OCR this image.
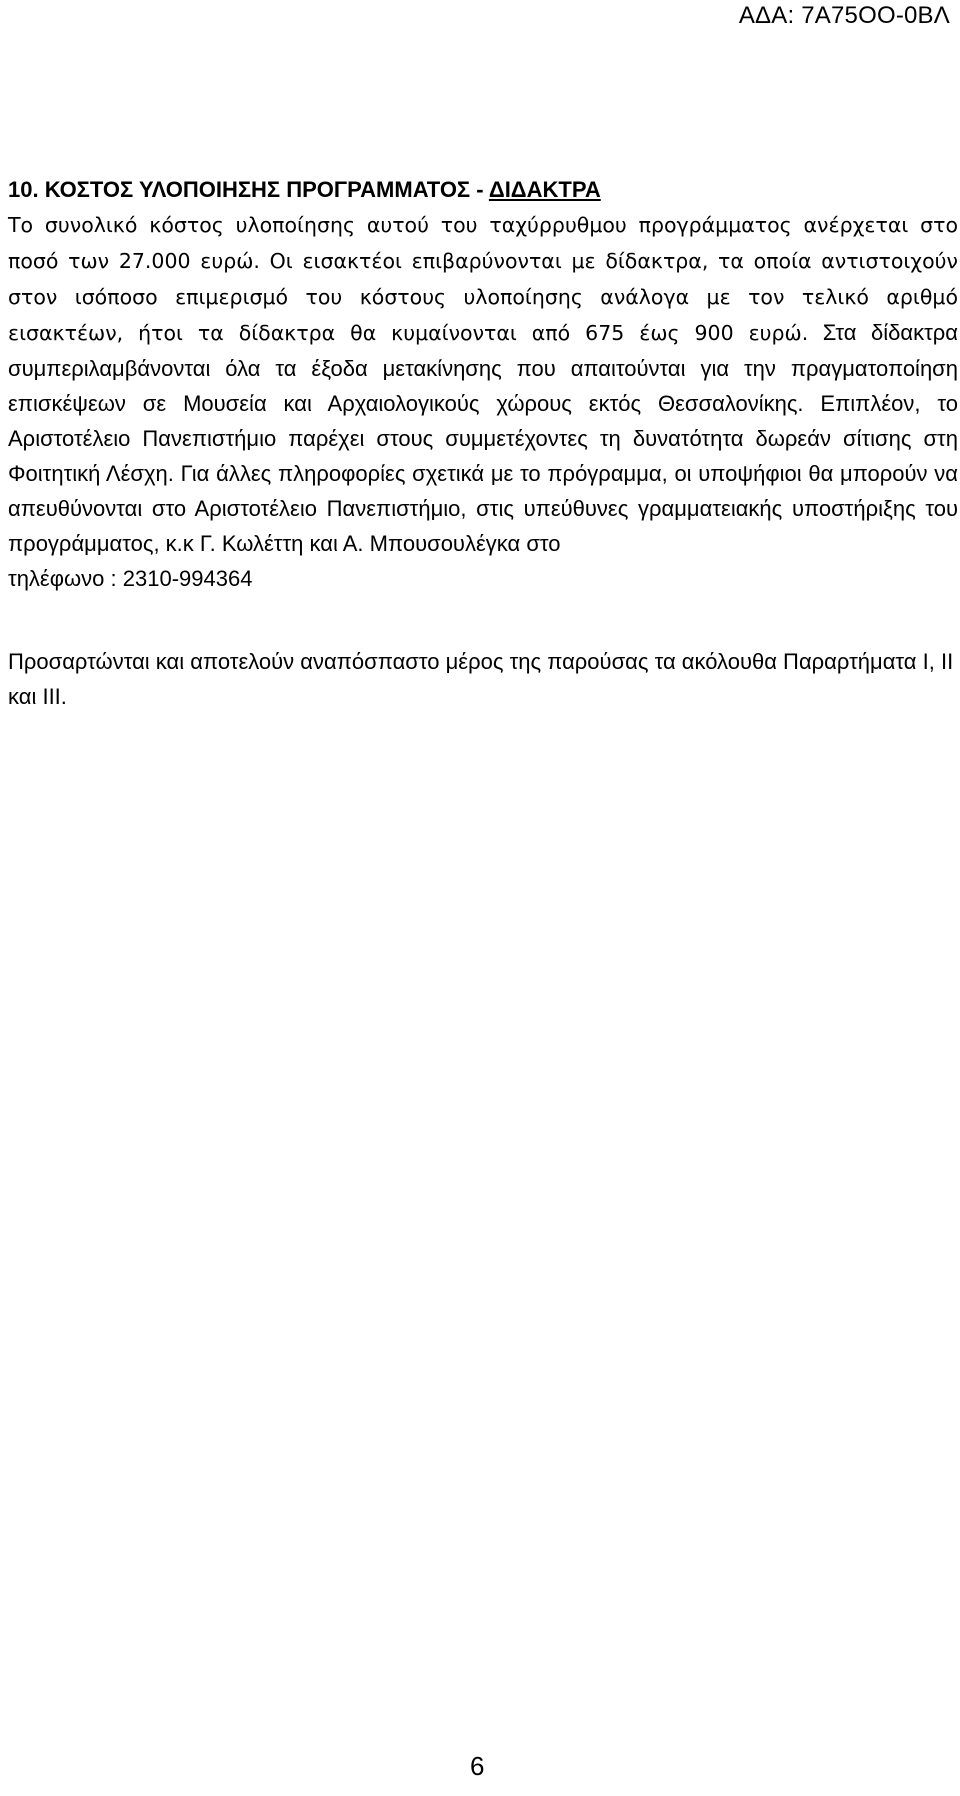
ΑΔΑ: 7Α75ΟΟ-0ΒΛ

10. ΚΟΣΤΟΣ ΥΛΟΠΟΙΗΣΗΣ ΠΡΟΓΡΑΜΜΑΤΟΣ - ΔΙΔΑΚΤΡΑ

Το συνολικό κόστος υλοποίησης αυτού του ταχύρρυθμου προγράμματος ανέρχεται στο ποσό των 27.000 ευρώ. Οι εισακτέοι επιβαρύνονται με δίδακτρα, τα οποία αντιστοιχούν στον ισόποσο επιμερισμό του κόστους υλοποίησης ανάλογα με τον τελικό αριθμό εισακτέων, ήτοι τα δίδακτρα θα κυμαίνονται από 675 έως 900 ευρώ. Στα δίδακτρα συμπεριλαμβάνονται όλα τα έξοδα μετακίνησης που απαιτούνται για την πραγματοποίηση επισκέψεων σε Μουσεία και Αρχαιολογικούς χώρους εκτός Θεσσαλονίκης. Επιπλέον, το Αριστοτέλειο Πανεπιστήμιο παρέχει στους συμμετέχοντες τη δυνατότητα δωρεάν σίτισης στη Φοιτητική Λέσχη. Για άλλες πληροφορίες σχετικά με το πρόγραμμα, οι υποψήφιοι θα μπορούν να απευθύνονται στο Αριστοτέλειο Πανεπιστήμιο, στις υπεύθυνες γραμματειακής υποστήριξης του προγράμματος, κ.κ Γ. Κωλέττη και Α. Μπουσουλέγκα στο
τηλέφωνο : 2310-994364

Προσαρτώνται και αποτελούν αναπόσπαστο μέρος της παρούσας τα ακόλουθα Παραρτήματα Ι, ΙΙ και ΙΙΙ.

6
